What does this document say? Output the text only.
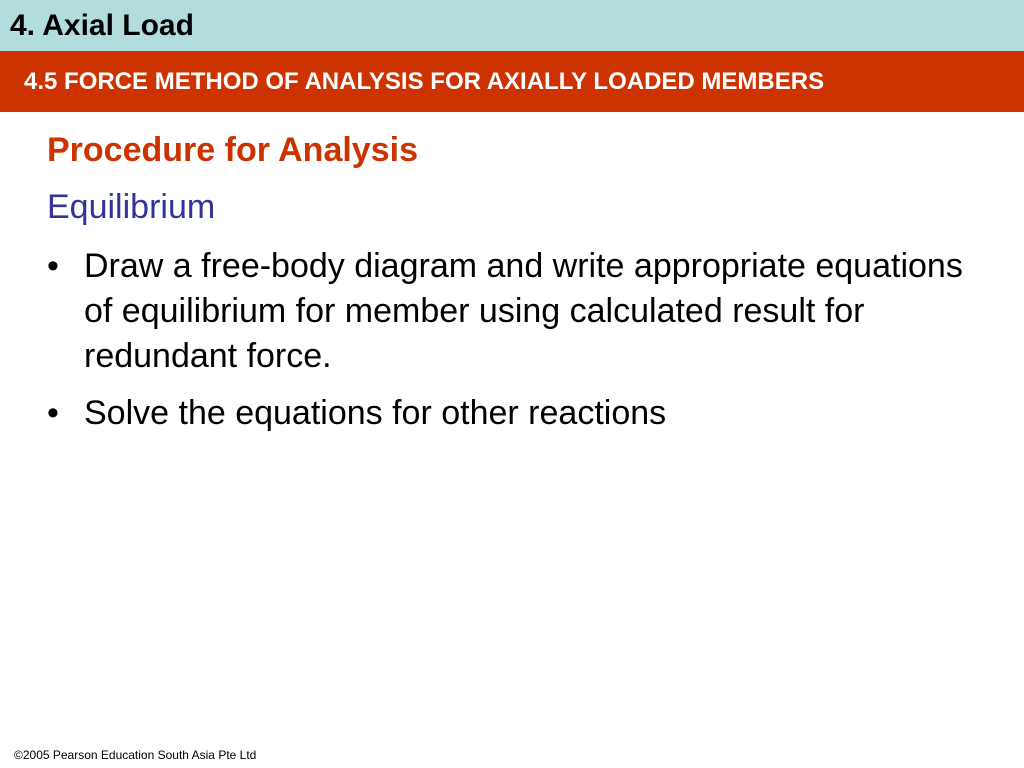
4. Axial Load
4.5 FORCE METHOD OF ANALYSIS FOR AXIALLY LOADED MEMBERS
Procedure for Analysis
Equilibrium
• Draw a free-body diagram and write appropriate equations of equilibrium for member using calculated result for redundant force.
• Solve the equations for other reactions
©2005 Pearson Education South Asia Pte Ltd
